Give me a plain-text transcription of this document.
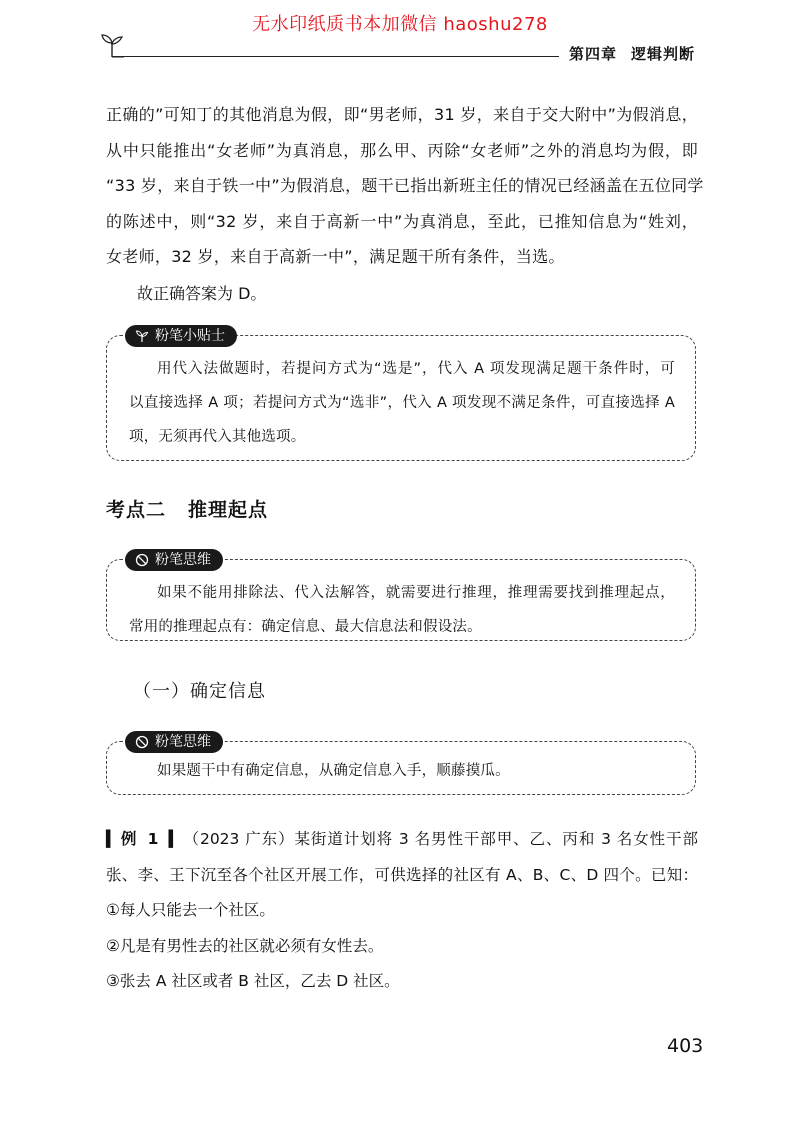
无水印纸质书本加微信 haoshu278
第四章 逻辑判断
正确的”可知丁的其他消息为假，即“男老师，31 岁，来自于交大附中”为假消息，
从中只能推出“女老师”为真消息，那么甲、丙除“女老师”之外的消息均为假，即
“33 岁，来自于铁一中”为假消息，题干已指出新班主任的情况已经涵盖在五位同学
的陈述中，则“32 岁，来自于高新一中”为真消息，至此，已推知信息为“姓刘，
女老师，32 岁，来自于高新一中”，满足题干所有条件，当选。
故正确答案为 D。
粉笔小贴士
用代入法做题时，若提问方式为“选是”，代入 A 项发现满足题干条件时，可
以直接选择 A 项；若提问方式为“选非”，代入 A 项发现不满足条件，可直接选择 A
项，无须再代入其他选项。
考点二 推理起点
粉笔思维
如果不能用排除法、代入法解答，就需要进行推理，推理需要找到推理起点，
常用的推理起点有：确定信息、最大信息法和假设法。
（一）确定信息
粉笔思维
如果题干中有确定信息，从确定信息入手，顺藤摸瓜。
▍例 1 ▍（2023 广东）某街道计划将 3 名男性干部甲、乙、丙和 3 名女性干部
张、李、王下沉至各个社区开展工作，可供选择的社区有 A、B、C、D 四个。已知：
①每人只能去一个社区。
②凡是有男性去的社区就必须有女性去。
③张去 A 社区或者 B 社区，乙去 D 社区。
403
